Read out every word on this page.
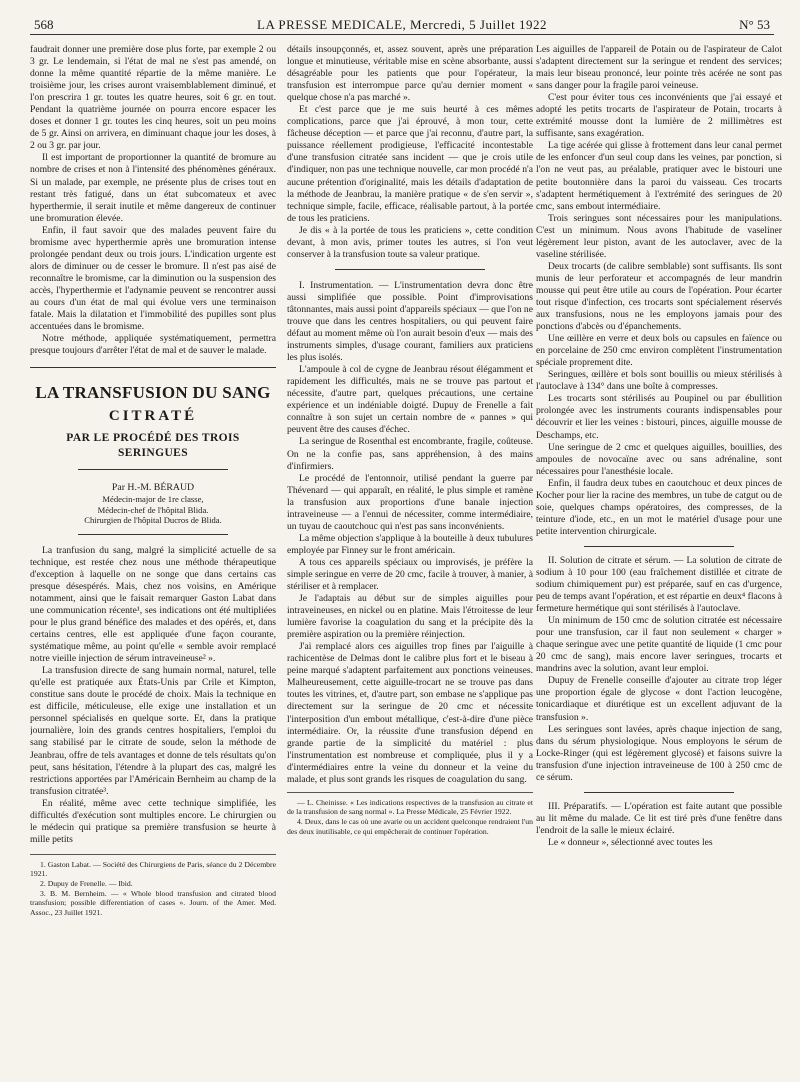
568	LA PRESSE MEDICALE, Mercredi, 5 Juillet 1922	N° 53

faudrait donner une première dose plus forte, par exemple 2 ou 3 gr. Le lendemain, si l'état de mal ne s'est pas amendé, on donne la même quantité répartie de la même manière. Le troisième jour, les crises auront vraisemblablement diminué, et l'on prescrira 1 gr. toutes les quatre heures, soit 6 gr. en tout. Pendant la quatrième journée on pourra encore espacer les doses et donner 1 gr. toutes les cinq heures, soit un peu moins de 5 gr. Ainsi on arrivera, en diminuant chaque jour les doses, à 2 ou 3 gr. par jour.

Il est important de proportionner la quantité de bromure au nombre de crises et non à l'intensité des phénomènes généraux. Si un malade, par exemple, ne présente plus de crises tout en restant très fatigué, dans un état subcomateux et avec hyperthermie, il serait inutile et même dangereux de continuer une bromuration élevée.

Enfin, il faut savoir que des malades peuvent faire du bromisme avec hyperthermie après une bromuration intense prolongée pendant deux ou trois jours. L'indication urgente est alors de diminuer ou de cesser le bromure. Il n'est pas aisé de reconnaître le bromisme, car la diminution ou la suspension des accès, l'hyperthermie et l'adynamie peuvent se rencontrer aussi au cours d'un état de mal qui évolue vers une terminaison fatale. Mais la dilatation et l'immobilité des pupilles sont plus accentuées dans le bromisme.

Notre méthode, appliquée systématiquement, permettra presque toujours d'arrêter l'état de mal et de sauver le malade.

LA TRANSFUSION DU SANG
CITRATÉ
PAR LE PROCÉDÉ DES TROIS SERINGUES
Par H.-M. BÉRAUD
Médecin-major de 1re classe,
Médecin-chef de l'hôpital Blida.
Chirurgien de l'hôpital Ducros de Blida.

La tranfusion du sang, malgré la simplicité actuelle de sa technique, est restée chez nous une méthode thérapeutique d'exception à laquelle on ne songe que dans certains cas presque désespérés. Mais, chez nos voisins, en Amérique notamment, ainsi que le faisait remarquer Gaston Labat dans une communication récente¹, ses indications ont été multipliées pour le plus grand bénéfice des malades et des opérés, et, dans certains centres, elle est appliquée d'une façon courante, systématique même, au point qu'elle « semble avoir remplacé notre vieille injection de sérum intraveineuse² ».

La transfusion directe de sang humain normal, naturel, telle qu'elle est pratiquée aux États-Unis par Crile et Kimpton, constitue sans doute le procédé de choix. Mais la technique en est difficile, méticuleuse, elle exige une installation et un personnel spécialisés en quelque sorte. Et, dans la pratique journalière, loin des grands centres hospitaliers, l'emploi du sang stabilisé par le citrate de soude, selon la méthode de Jeanbrau, offre de tels avantages et donne de tels résultats qu'on peut, sans hésitation, l'étendre à la plupart des cas, malgré les restrictions apportées par l'Américain Bernheim au champ de la transfusion citratée³.

En réalité, même avec cette technique simplifiée, les difficultés d'exécution sont multiples encore. Le chirurgien ou le médecin qui pratique sa première transfusion se heurte à mille petits

1. Gaston Labat. — Société des Chirurgiens de Paris, séance du 2 Décembre 1921.

2. Dupuy de Frenelle. — Ibid.

3. B. M. Bernheim. — « Whole blood transfusion and citrated blood transfusion; possible differentiation of cases ». Journ. of the Amer. Med. Assoc., 23 Juillet 1921.

détails insoupçonnés, et, assez souvent, après une préparation longue et minutieuse, véritable mise en scène absorbante, aussi désagréable pour les patients que pour l'opérateur, la transfusion est interrompue parce qu'au dernier moment « quelque chose n'a pas marché ».

Et c'est parce que je me suis heurté à ces mêmes complications, parce que j'ai éprouvé, à mon tour, cette fâcheuse déception — et parce que j'ai reconnu, d'autre part, la puissance réellement prodigieuse, l'efficacité incontestable d'une transfusion citratée sans incident — que je crois utile d'indiquer, non pas une technique nouvelle, car mon procédé n'a aucune prétention d'originalité, mais les détails d'adaptation de la méthode de Jeanbrau, la manière pratique « de s'en servir », technique simple, facile, efficace, réalisable partout, à la portée de tous les praticiens.

Je dis « à la portée de tous les praticiens », cette condition devant, à mon avis, primer toutes les autres, si l'on veut conserver à la transfusion toute sa valeur pratique.

I. Instrumentation. — L'instrumentation devra donc être aussi simplifiée que possible. Point d'improvisations tâtonnantes, mais aussi point d'appareils spéciaux — que l'on ne trouve que dans les centres hospitaliers, ou qui peuvent faire défaut au moment même où l'on aurait besoin d'eux — mais des instruments simples, d'usage courant, familiers aux praticiens les plus isolés.

L'ampoule à col de cygne de Jeanbrau résout élégamment et rapidement les difficultés, mais ne se trouve pas partout et nécessite, d'autre part, quelques précautions, une certaine expérience et un indéniable doigté. Dupuy de Frenelle a fait connaître à son sujet un certain nombre de « pannes » qui peuvent être des causes d'échec.

La seringue de Rosenthal est encombrante, fragile, coûteuse. On ne la confie pas, sans appréhension, à des mains d'infirmiers.

Le procédé de l'entonnoir, utilisé pendant la guerre par Thévenard — qui apparaît, en réalité, le plus simple et ramène la transfusion aux proportions d'une banale injection intraveineuse — a l'ennui de nécessiter, comme intermédiaire, un tuyau de caoutchouc qui n'est pas sans inconvénients.

La même objection s'applique à la bouteille à deux tubulures employée par Finney sur le front américain.

A tous ces appareils spéciaux ou improvisés, je préfère la simple seringue en verre de 20 cmc, facile à trouver, à manier, à stériliser et à remplacer.

Je l'adaptais au début sur de simples aiguilles pour intraveineuses, en nickel ou en platine. Mais l'étroitesse de leur lumière favorise la coagulation du sang et la précipite dès la première aspiration ou la première réinjection.

J'ai remplacé alors ces aiguilles trop fines par l'aiguille à rachicentèse de Delmas dont le calibre plus fort et le biseau à peine marqué s'adaptent parfaitement aux ponctions veineuses. Malheureusement, cette aiguille-trocart ne se trouve pas dans toutes les vitrines, et, d'autre part, son embase ne s'applique pas directement sur la seringue de 20 cmc et nécessite l'interposition d'un embout métallique, c'est-à-dire d'une pièce intermédiaire. Or, la réussite d'une transfusion dépend en grande partie de la simplicité du matériel : plus l'instrumentation est nombreuse et compliquée, plus il y a d'intermédiaires entre la veine du donneur et la veine du malade, et plus sont grands les risques de coagulation du sang.

— L. Cheinisse. « Les indications respectives de la transfusion au citrate et de la transfusion de sang normal ». La Presse Médicale, 25 Février 1922.

4. Deux, dans le cas où une avarie ou un accident quelconque rendraient l'un des deux inutilisable, ce qui empêcherait de continuer l'opération.

Les aiguilles de l'appareil de Potain ou de l'aspirateur de Calot s'adaptent directement sur la seringue et rendent des services; mais leur biseau prononcé, leur pointe très acérée ne sont pas sans danger pour la fragile paroi veineuse.

C'est pour éviter tous ces inconvénients que j'ai essayé et adopté les petits trocarts de l'aspirateur de Potain, trocarts à extrémité mousse dont la lumière de 2 millimètres est suffisante, sans exagération.

La tige acérée qui glisse à frottement dans leur canal permet de les enfoncer d'un seul coup dans les veines, par ponction, si l'on ne veut pas, au préalable, pratiquer avec le bistouri une petite boutonnière dans la paroi du vaisseau. Ces trocarts s'adaptent hermétiquement à l'extrémité des seringues de 20 cmc, sans embout intermédiaire.

Trois seringues sont nécessaires pour les manipulations. C'est un minimum. Nous avons l'habitude de vaseliner légèrement leur piston, avant de les autoclaver, avec de la vaseline stérilisée.

Deux trocarts (de calibre semblable) sont suffisants. Ils sont munis de leur perforateur et accompagnés de leur mandrin mousse qui peut être utile au cours de l'opération. Pour écarter tout risque d'infection, ces trocarts sont spécialement réservés aux transfusions, nous ne les employons jamais pour des ponctions d'abcès ou d'épanchements.

Une œillère en verre et deux bols ou capsules en faïence ou en porcelaine de 250 cmc environ complètent l'instrumentation spéciale proprement dite.

Seringues, œillère et bols sont bouillis ou mieux stérilisés à l'autoclave à 134° dans une boîte à compresses.

Les trocarts sont stérilisés au Poupinel ou par ébullition prolongée avec les instruments courants indispensables pour découvrir et lier les veines : bistouri, pinces, aiguille mousse de Deschamps, etc.

Une seringue de 2 cmc et quelques aiguilles, bouillies, des ampoules de novocaïne avec ou sans adrénaline, sont nécessaires pour l'anesthésie locale.

Enfin, il faudra deux tubes en caoutchouc et deux pinces de Kocher pour lier la racine des membres, un tube de catgut ou de soie, quelques champs opératoires, des compresses, de la teinture d'iode, etc., en un mot le matériel d'usage pour une petite intervention chirurgicale.

II. Solution de citrate et sérum. — La solution de citrate de sodium à 10 pour 100 (eau fraîchement distillée et citrate de sodium chimiquement pur) est préparée, sauf en cas d'urgence, peu de temps avant l'opération, et est répartie en deux⁴ flacons à fermeture hermétique qui sont stérilisés à l'autoclave.

Un minimum de 150 cmc de solution citratée est nécessaire pour une transfusion, car il faut non seulement « charger » chaque seringue avec une petite quantité de liquide (1 cmc pour 20 cmc de sang), mais encore laver seringues, trocarts et mandrins avec la solution, avant leur emploi.

Dupuy de Frenelle conseille d'ajouter au citrate trop léger une proportion égale de glycose « dont l'action leucogène, tonicardiaque et diurétique est un excellent adjuvant de la transfusion ».

Les seringues sont lavées, après chaque injection de sang, dans du sérum physiologique. Nous employons le sérum de Locke-Ringer (qui est légèrement glycosé) et faisons suivre la transfusion d'une injection intraveineuse de 100 à 250 cmc de ce sérum.

III. Préparatifs. — L'opération est faite autant que possible au lit même du malade. Ce lit est tiré près d'une fenêtre dans l'endroit de la salle le mieux éclairé.

Le « donneur », sélectionné avec toutes les
